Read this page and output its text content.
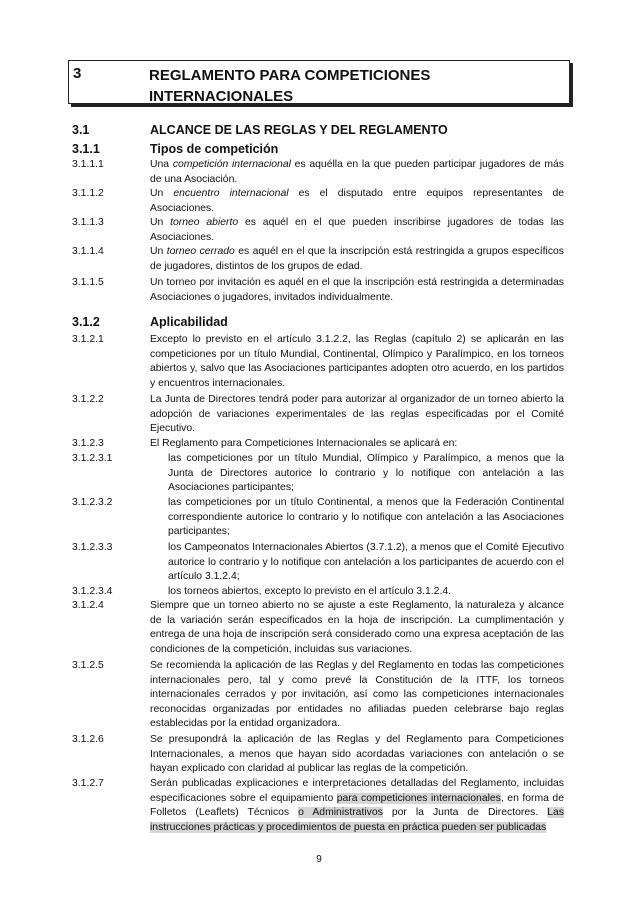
3	REGLAMENTO PARA COMPETICIONES
INTERNACIONALES
3.1	ALCANCE DE LAS REGLAS Y DEL REGLAMENTO
3.1.1	Tipos de competición
3.1.1.1	Una competición internacional es aquélla en la que pueden participar jugadores de más de una Asociación.
3.1.1.2	Un encuentro internacional es el disputado entre equipos representantes de Asociaciones.
3.1.1.3	Un torneo abierto es aquél en el que pueden inscribirse jugadores de todas las Asociaciones.
3.1.1.4	Un torneo cerrado es aquél en el que la inscripción está restringida a grupos específicos de jugadores, distintos de los grupos de edad.
3.1.1.5	Un torneo por invitación es aquél en el que la inscripción está restringida a determinadas Asociaciones o jugadores, invitados individualmente.
3.1.2	Aplicabilidad
3.1.2.1	Excepto lo previsto en el artículo 3.1.2.2, las Reglas (capítulo 2) se aplicarán en las competiciones por un título Mundial, Continental, Olímpico y Paralímpico, en los torneos abiertos y, salvo que las Asociaciones participantes adopten otro acuerdo, en los partidos y encuentros internacionales.
3.1.2.2	La Junta de Directores tendrá poder para autorizar al organizador de un torneo abierto la adopción de variaciones experimentales de las reglas especificadas por el Comité Ejecutivo.
3.1.2.3	El Reglamento para Competiciones Internacionales se aplicará en:
3.1.2.3.1	las competiciones por un título Mundial, Olímpico y Paralímpico, a menos que la Junta de Directores autorice lo contrario y lo notifique con antelación a las Asociaciones participantes;
3.1.2.3.2	las competiciones por un título Continental, a menos que la Federación Continental correspondiente autorice lo contrario y lo notifique con antelación a las Asociaciones participantes;
3.1.2.3.3	los Campeonatos Internacionales Abiertos (3.7.1.2), a menos que el Comité Ejecutivo autorice lo contrario y lo notifique con antelación a los participantes de acuerdo con el artículo 3.1.2.4;
3.1.2.3.4	los torneos abiertos, excepto lo previsto en el artículo 3.1.2.4.
3.1.2.4	Siempre que un torneo abierto no se ajuste a este Reglamento, la naturaleza y alcance de la variación serán especificados en la hoja de inscripción. La cumplimentación y entrega de una hoja de inscripción será considerado como una expresa aceptación de las condiciones de la competición, incluidas sus variaciones.
3.1.2.5	Se recomienda la aplicación de las Reglas y del Reglamento en todas las competiciones internacionales pero, tal y como prevé la Constitución de la ITTF, los torneos internacionales cerrados y por invitación, así como las competiciones internacionales reconocidas organizadas por entidades no afiliadas pueden celebrarse bajo reglas establecidas por la entidad organizadora.
3.1.2.6	Se presupondrá la aplicación de las Reglas y del Reglamento para Competiciones Internacionales, a menos que hayan sido acordadas variaciones con antelación o se hayan explicado con claridad al publicar las reglas de la competición.
3.1.2.7	Serán publicadas explicaciones e interpretaciones detalladas del Reglamento, incluidas especificaciones sobre el equipamiento para competiciones internacionales, en forma de Folletos (Leaflets) Técnicos o Administrativos por la Junta de Directores. Las instrucciones prácticas y procedimientos de puesta en práctica pueden ser publicadas
9
